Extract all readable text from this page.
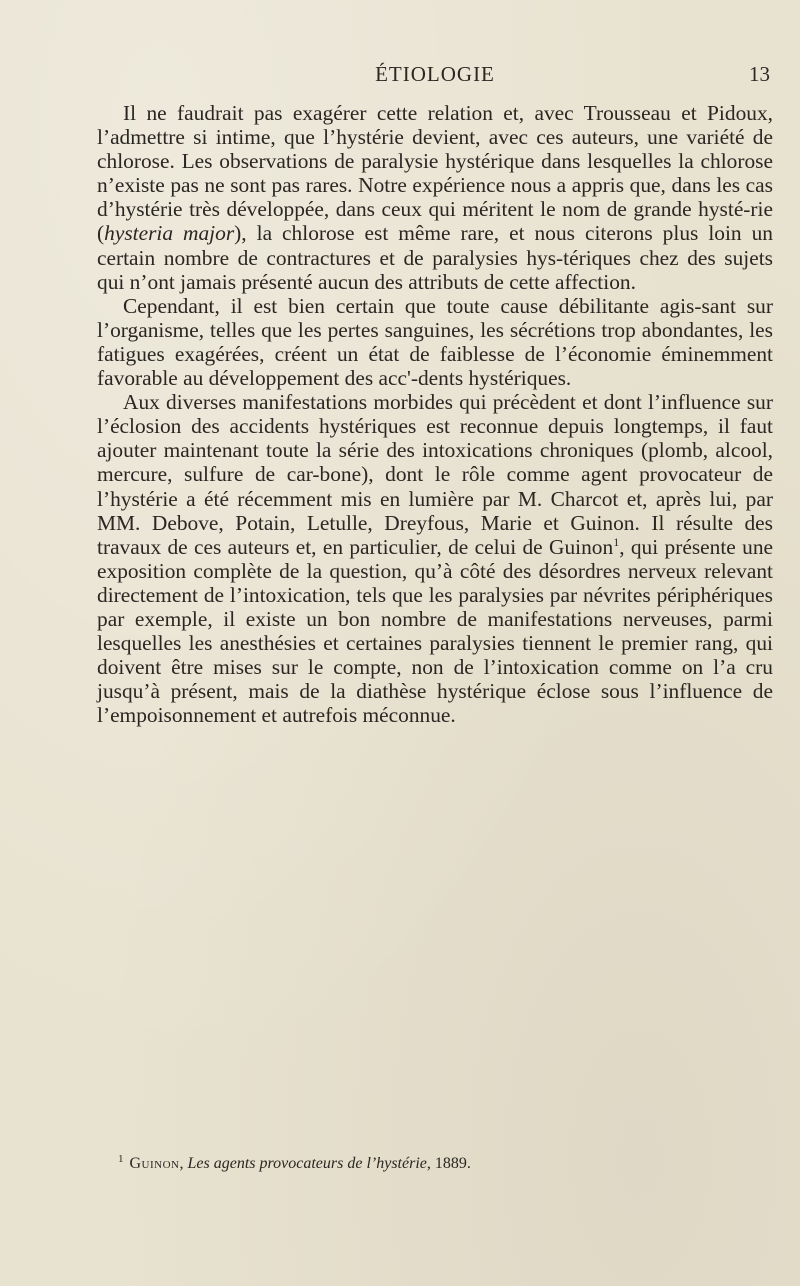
ÉTIOLOGIE	13

Il ne faudrait pas exagérer cette relation et, avec Trousseau et Pidoux, l’admettre si intime, que l’hystérie devient, avec ces auteurs, une variété de chlorose. Les observations de paralysie hystérique dans lesquelles la chlorose n’existe pas ne sont pas rares. Notre expérience nous a appris que, dans les cas d’hystérie très développée, dans ceux qui méritent le nom de grande hysté-rie (hysteria major), la chlorose est même rare, et nous citerons plus loin un certain nombre de contractures et de paralysies hys-tériques chez des sujets qui n’ont jamais présenté aucun des attributs de cette affection.

Cependant, il est bien certain que toute cause débilitante agis-sant sur l’organisme, telles que les pertes sanguines, les sécrétions trop abondantes, les fatigues exagérées, créent un état de faiblesse de l’économie éminemment favorable au développement des acc'-dents hystériques.

Aux diverses manifestations morbides qui précèdent et dont l’influence sur l’éclosion des accidents hystériques est reconnue depuis longtemps, il faut ajouter maintenant toute la série des intoxications chroniques (plomb, alcool, mercure, sulfure de car-bone), dont le rôle comme agent provocateur de l’hystérie a été récemment mis en lumière par M. Charcot et, après lui, par MM. Debove, Potain, Letulle, Dreyfous, Marie et Guinon. Il résulte des travaux de ces auteurs et, en particulier, de celui de Guinon$^1$, qui présente une exposition complète de la question, qu’à côté des désordres nerveux relevant directement de l’intoxication, tels que les paralysies par névrites périphériques par exemple, il existe un bon nombre de manifestations nerveuses, parmi lesquelles les anesthésies et certaines paralysies tiennent le premier rang, qui doivent être mises sur le compte, non de l’intoxication comme on l’a cru jusqu’à présent, mais de la diathèse hystérique éclose sous l’influence de l’empoisonnement et autrefois méconnue.

$^1$ Guinon, Les agents provocateurs de l’hystérie, 1889.
